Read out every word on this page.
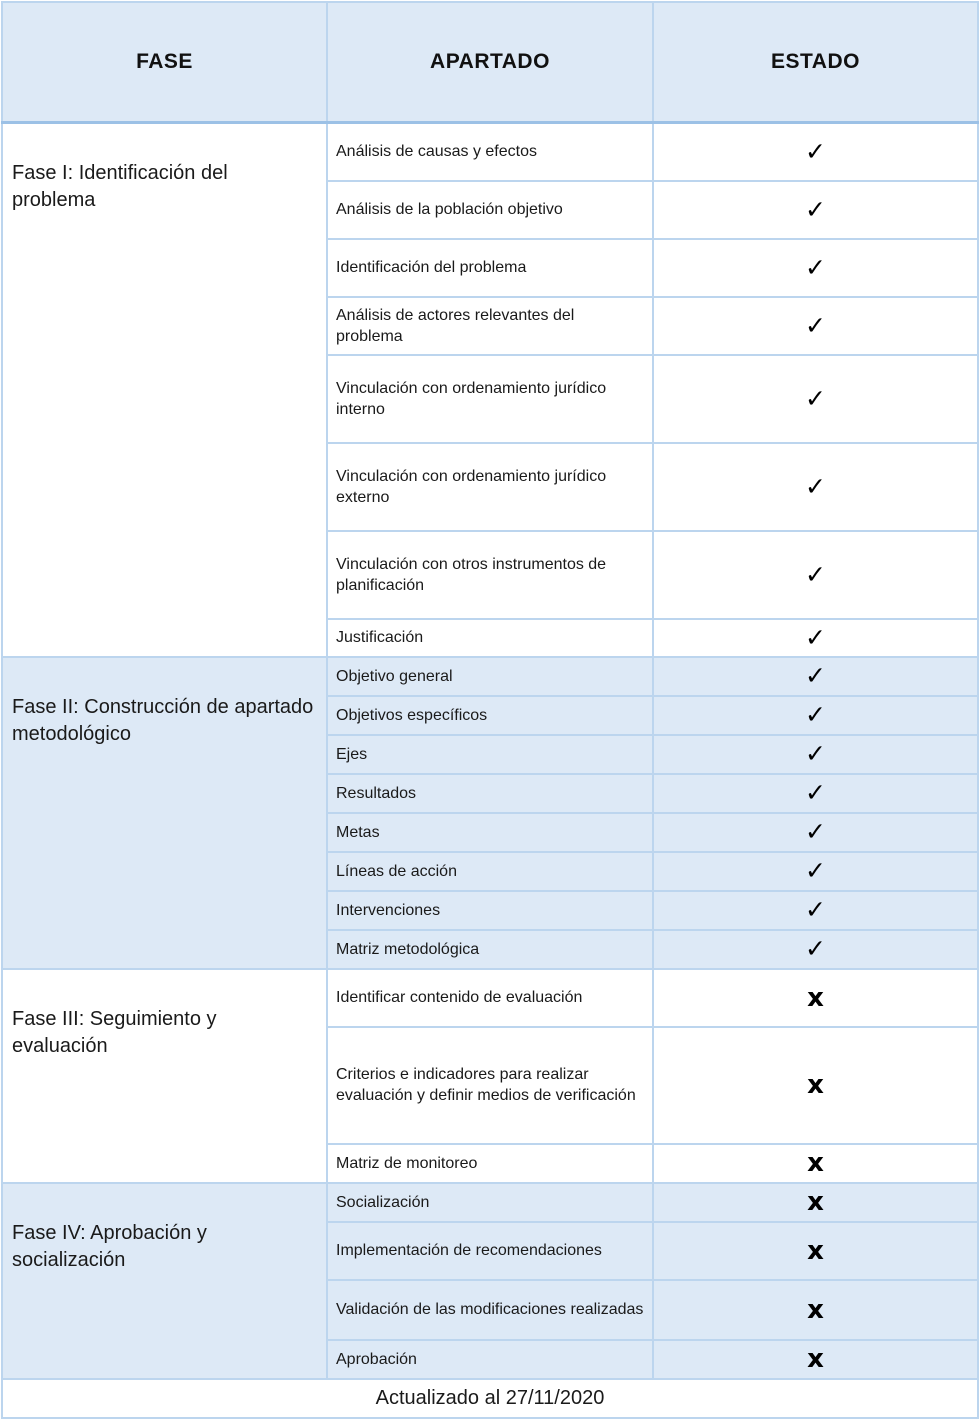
FASE	APARTADO	ESTADO
Fase I: Identificación del problema	Análisis de causas y efectos	✓
	Análisis de la población objetivo	✓
	Identificación del problema	✓
	Análisis de actores relevantes del problema	✓
	Vinculación con ordenamiento jurídico interno	✓
	Vinculación con ordenamiento jurídico externo	✓
	Vinculación con otros instrumentos de planificación	✓
	Justificación	✓
Fase II: Construcción de apartado metodológico	Objetivo general	✓
	Objetivos específicos	✓
	Ejes	✓
	Resultados	✓
	Metas	✓
	Líneas de acción	✓
	Intervenciones	✓
	Matriz metodológica	✓
Fase III: Seguimiento y evaluación	Identificar contenido de evaluación	x
	Criterios e indicadores para realizar evaluación y definir medios de verificación	x
	Matriz de monitoreo	x
Fase IV: Aprobación y socialización	Socialización	x
	Implementación de recomendaciones	x
	Validación de las modificaciones realizadas	x
	Aprobación	x
Actualizado al 27/11/2020		
